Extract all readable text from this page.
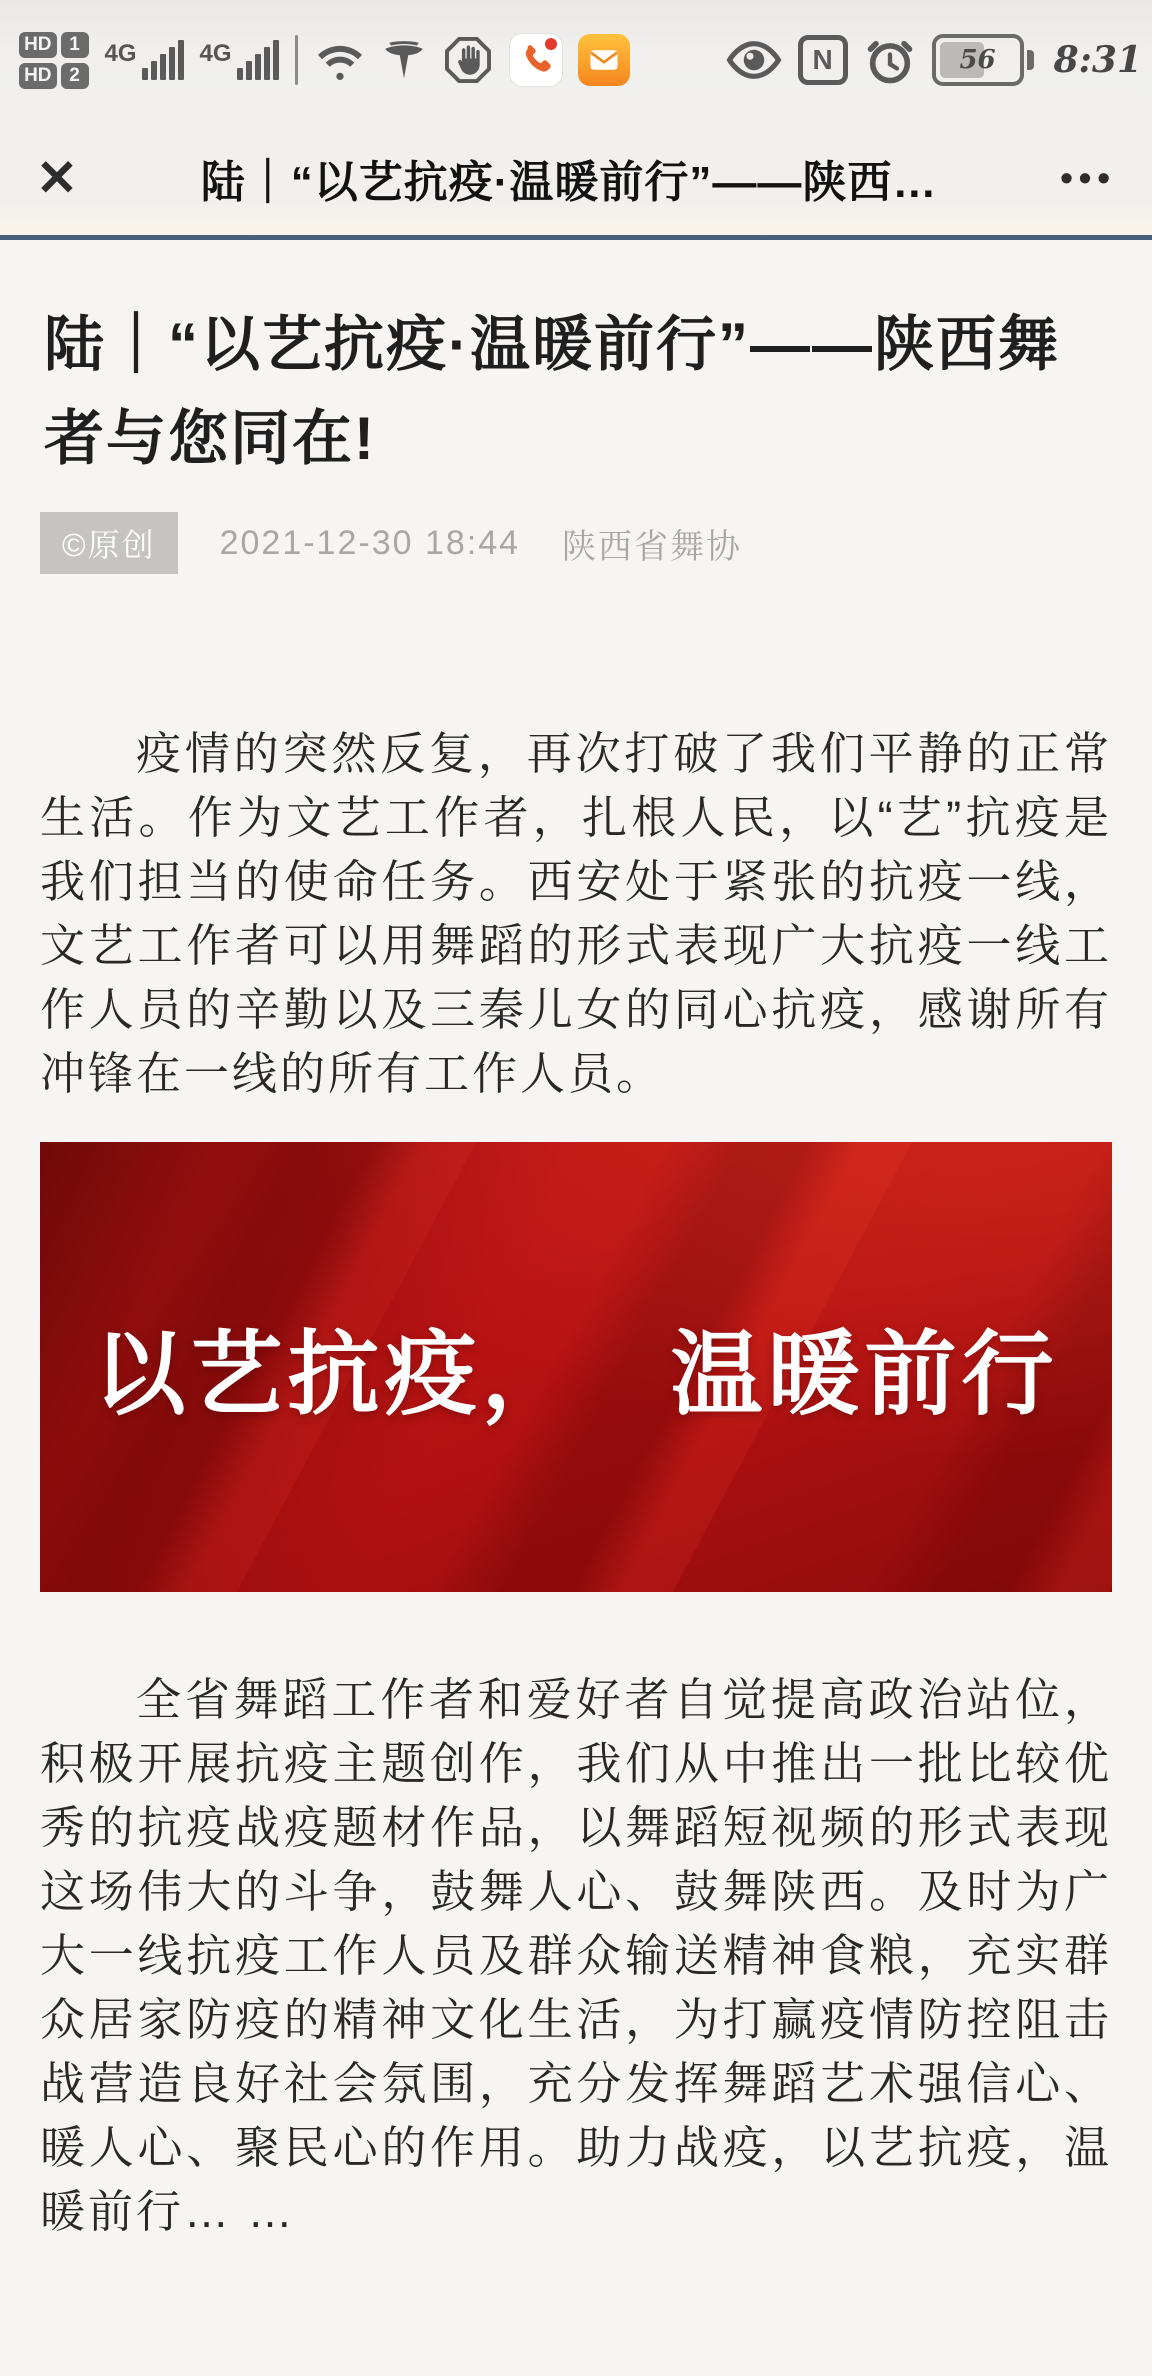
HD 1
HD 2
4G	4G	N	56	8:31
✕	陆｜“以艺抗疫·温暖前行”——陕西…	•••
陆｜“以艺抗疫·温暖前行”——陕西舞者与您同在!
©原创	2021-12-30 18:44 陕西省舞协

疫情的突然反复，再次打破了我们平静的正常生活。作为文艺工作者，扎根人民，以“艺”抗疫是我们担当的使命任务。西安处于紧张的抗疫一线，文艺工作者可以用舞蹈的形式表现广大抗疫一线工作人员的辛勤以及三秦儿女的同心抗疫，感谢所有冲锋在一线的所有工作人员。

以艺抗疫， 温暖前行

全省舞蹈工作者和爱好者自觉提高政治站位，积极开展抗疫主题创作，我们从中推出一批比较优秀的抗疫战疫题材作品，以舞蹈短视频的形式表现这场伟大的斗争，鼓舞人心、鼓舞陕西。及时为广大一线抗疫工作人员及群众输送精神食粮，充实群众居家防疫的精神文化生活，为打赢疫情防控阻击战营造良好社会氛围，充分发挥舞蹈艺术强信心、暖人心、聚民心的作用。助力战疫，以艺抗疫，温暖前行… …
